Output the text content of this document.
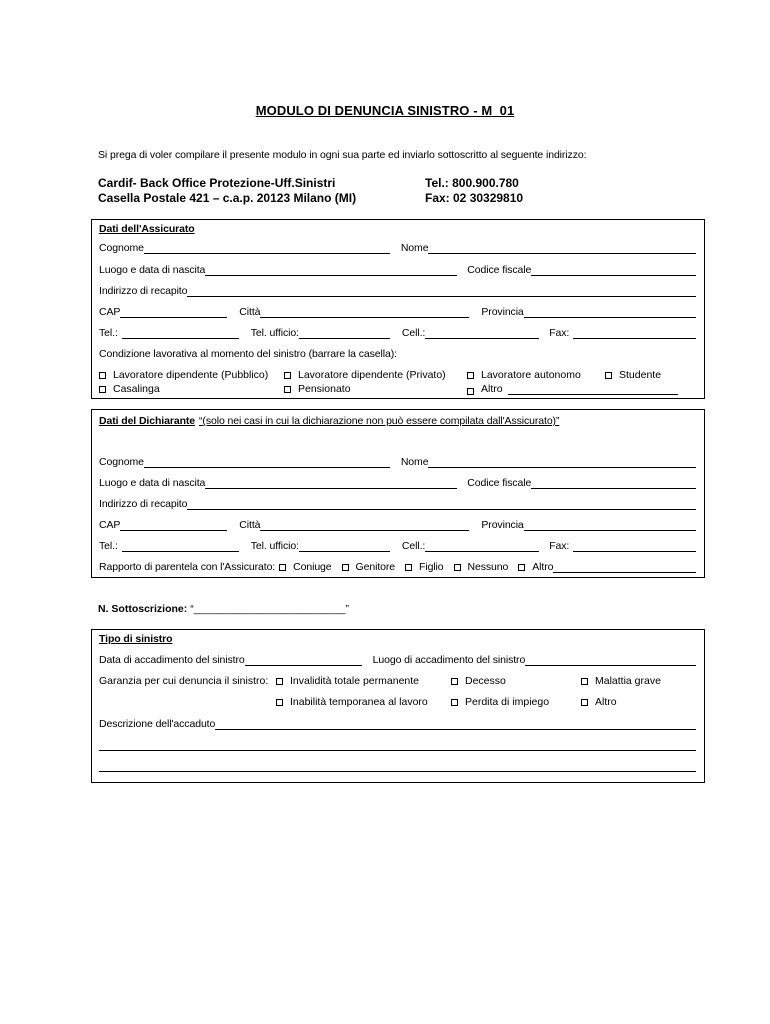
MODULO DI DENUNCIA SINISTRO - M_01
Si prega di voler compilare il presente modulo in ogni sua parte ed inviarlo sottoscritto al seguente indirizzo:
Cardif- Back Office Protezione-Uff.Sinistri
Casella Postale 421 – c.a.p. 20123 Milano (MI)
Tel.: 800.900.780
Fax: 02 30329810
Dati dell'Assicurato
Cognome	Nome
Luogo e data di nascita	Codice fiscale
Indirizzo di recapito
CAP	Città	Provincia
Tel.:	Tel. ufficio:	Cell.:	Fax:
Condizione lavorativa al momento del sinistro (barrare la casella):
Lavoratore dipendente (Pubblico)	Lavoratore dipendente (Privato)	Lavoratore autonomo	Studente
Casalinga	Pensionato	Altro
Dati del Dichiarante “(solo nei casi in cui la dichiarazione non può essere compilata dall'Assicurato)”
Cognome	Nome
Luogo e data di nascita	Codice fiscale
Indirizzo di recapito
CAP	Città	Provincia
Tel.:	Tel. ufficio:	Cell.:	Fax:
Rapporto di parentela con l'Assicurato:	Coniuge	Genitore	Figlio	Nessuno	Altro
N. Sottoscrizione: “__________________________”
Tipo di sinistro
Data di accadimento del sinistro	Luogo di accadimento del sinistro
Garanzia per cui denuncia il sinistro:	Invalidità totale permanente	Decesso	Malattia grave
Inabilità temporanea al lavoro	Perdita di impiego	Altro
Descrizione dell'accaduto
